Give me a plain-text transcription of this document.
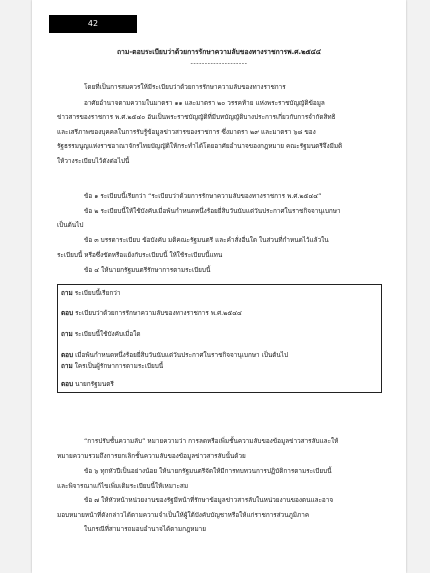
42
ถาม-ตอบระเบียบว่าด้วยการรักษาความลับของทางราชการพ.ศ.๒๕๔๔
--------------------
โดยที่เป็นการสมควรให้มีระเบียบว่าด้วยการรักษาความลับของทางราชการ
อาศัยอำนาจตามความในมาตรา ๑๑ และมาตรา ๒๐ วรรคท้าย แห่งพระราชบัญญัติข้อมูล
ข่าวสารของราชการ พ.ศ.๒๕๔๐ อันเป็นพระราชบัญญัติที่มีบทบัญญัติบางประการเกี่ยวกับการจำกัดสิทธิ
และเสรีภาพของบุคคลในการรับรู้ข้อมูลข่าวสารของราชการ ซึ่งมาตรา ๒๙ และมาตรา ๖๘ ของ
รัฐธรรมนูญแห่งราชอาณาจักรไทยบัญญัติให้กระทำได้โดยอาศัยอำนาจของกฎหมาย คณะรัฐมนตรีจึงมีมติ
ให้วางระเบียบไว้ดังต่อไปนี้
ข้อ ๑ ระเบียบนี้เรียกว่า “ระเบียบว่าด้วยการรักษาความลับของทางราชการ พ.ศ.๒๕๔๔”
ข้อ ๒ ระเบียบนี้ให้ใช้บังคับเมื่อพ้นกำหนดหนึ่งร้อยยี่สิบวันนับแต่วันประกาศในราชกิจจานุเบกษา
เป็นต้นไป
ข้อ ๓ บรรดาระเบียบ ข้อบังคับ มติคณะรัฐมนตรี และคำสั่งอื่นใด ในส่วนที่กำหนดไว้แล้วใน
ระเบียบนี้ หรือซึ่งขัดหรือแย้งกับระเบียบนี้ ให้ใช้ระเบียบนี้แทน
ข้อ ๔ ให้นายกรัฐมนตรีรักษาการตามระเบียบนี้
ถาม ระเบียบนี้เรียกว่า
ตอบ ระเบียบว่าด้วยการรักษาความลับของทางราชการ พ.ศ.๒๕๔๔
ถาม ระเบียบนี้ใช้บังคับเมื่อใด
ตอบ เมื่อพ้นกำหนดหนึ่งร้อยยี่สิบวันนับแต่วันประกาศในราชกิจจานุเบกษา เป็นต้นไป
ถาม ใครเป็นผู้รักษาการตามระเบียบนี้
ตอบ นายกรัฐมนตรี
“การปรับชั้นความลับ” หมายความว่า การลดหรือเพิ่มชั้นความลับของข้อมูลข่าวสารลับและให้
หมายความรวมถึงการยกเลิกชั้นความลับของข้อมูลข่าวสารลับนั้นด้วย
ข้อ ๖ ทุกหัวปีเป็นอย่างน้อย ให้นายกรัฐมนตรีจัดให้มีการทบทวนการปฏิบัติการตามระเบียบนี้
และพิจารณาแก้ไขเพิ่มเติมระเบียบนี้ให้เหมาะสม
ข้อ ๗ ให้หัวหน้าหน่วยงานของรัฐมีหน้าที่รักษาข้อมูลข่าวสารลับในหน่วยงานของตนและอาจ
มอบหมายหน้าที่ดังกล่าวได้ตามความจำเป็นให้ผู้ใต้บังคับบัญชาหรือให้แก่ราชการส่วนภูมิภาค
ในกรณีที่สามารถมอบอำนาจได้ตามกฎหมาย
